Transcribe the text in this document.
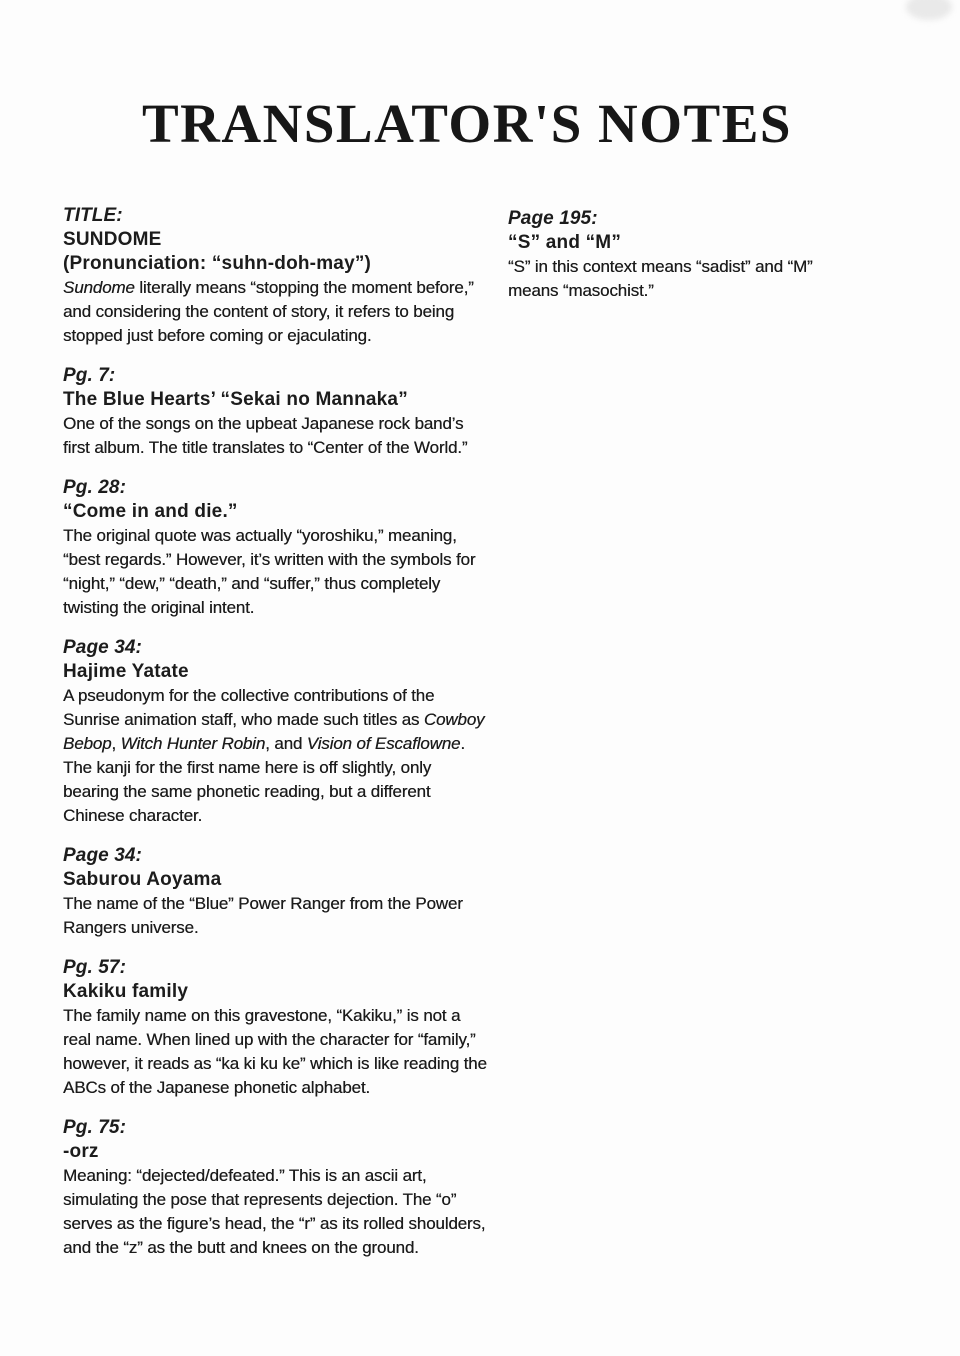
TRANSLATOR'S NOTES

TITLE:

SUNDOME

(Pronunciation: “suhn-doh-may”)

Sundome literally means “stopping the moment before,” and considering the content of story, it refers to being stopped just before coming or ejaculating.

Pg. 7:

The Blue Hearts’ “Sekai no Mannaka”

One of the songs on the upbeat Japanese rock band’s first album. The title translates to “Center of the World.”

Pg. 28:

“Come in and die.”

The original quote was actually “yoroshiku,” meaning, “best regards.” However, it’s written with the symbols for “night,” “dew,” “death,” and “suffer,” thus completely twisting the original intent.

Page 34:

Hajime Yatate

A pseudonym for the collective contributions of the Sunrise animation staff, who made such titles as Cowboy Bebop, Witch Hunter Robin, and Vision of Escaflowne. The kanji for the first name here is off slightly, only bearing the same phonetic reading, but a different Chinese character.

Page 34:

Saburou Aoyama

The name of the “Blue” Power Ranger from the Power Rangers universe.

Pg. 57:

Kakiku family

The family name on this gravestone, “Kakiku,” is not a real name. When lined up with the character for “family,” however, it reads as “ka ki ku ke” which is like reading the ABCs of the Japanese phonetic alphabet.

Pg. 75:

-orz

Meaning: “dejected/defeated.” This is an ascii art, simulating the pose that represents dejection. The “o” serves as the figure’s head, the “r” as its rolled shoulders, and the “z” as the butt and knees on the ground.

Page 195:

“S” and “M”

“S” in this context means “sadist” and “M” means “masochist.”
